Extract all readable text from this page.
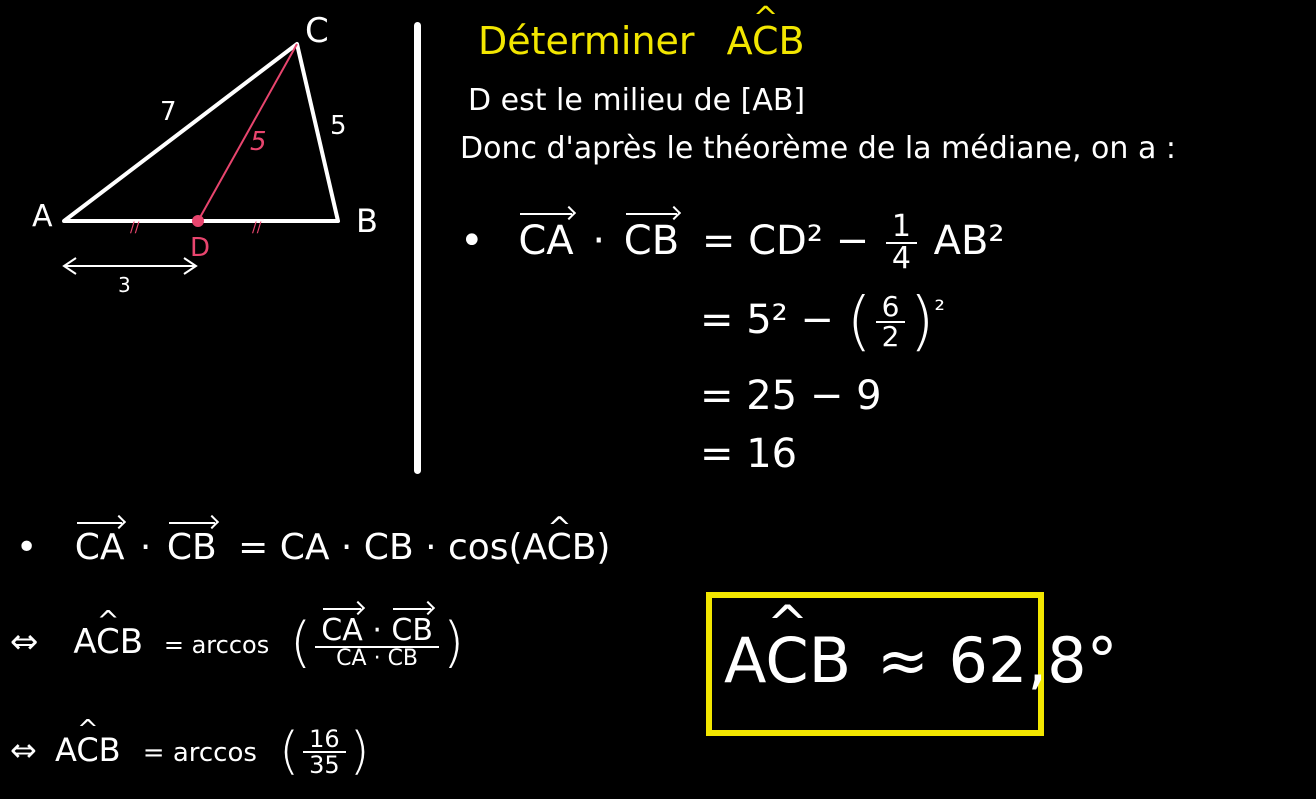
A	B
C
D
7	5
5
3
//	//
Déterminer ^ ACB
D est le milieu de [AB]
Donc d'après le théorème de la médiane, on a :
• CA · CB = $CD^2 - \frac{1}{4} AB^2$
= 5² − ( $\frac{6}{2} )^{^2}$
= 25 − 9
= 16
• CA · CB = CA · CB · cos(^ ACB)
⇔ ^ ACB = arccos ( $\frac{CA \cdot CB}{CA \cdot CB}$ )
⇔ ^ ACB = arccos ( $\frac{16}{35}$ )
^ ACB ≈ 62,8°
